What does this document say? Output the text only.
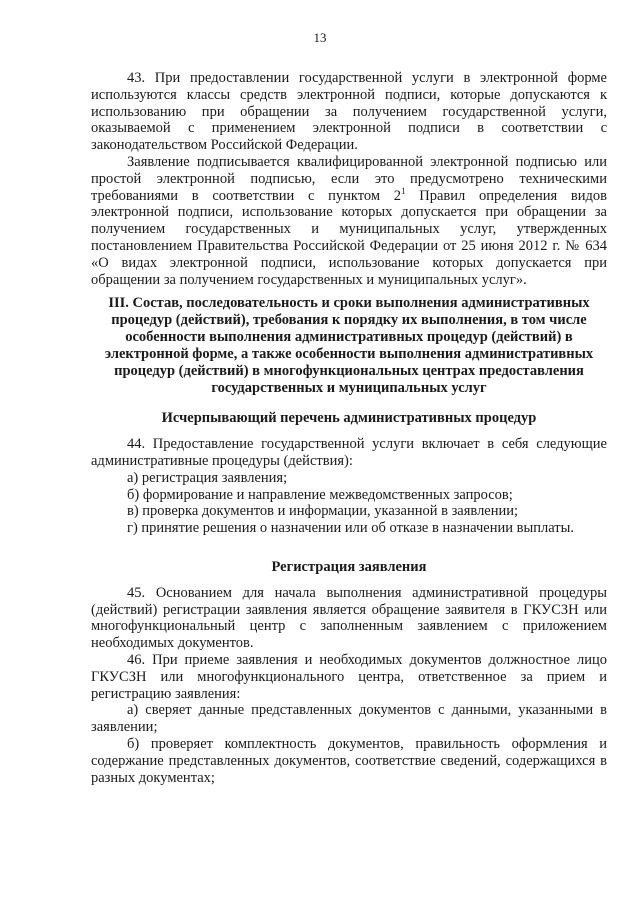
13

43. При предоставлении государственной услуги в электронной форме используются классы средств электронной подписи, которые допускаются к использованию при обращении за получением государственной услуги, оказываемой с применением электронной подписи в соответствии с законодательством Российской Федерации.

Заявление подписывается квалифицированной электронной подписью или простой электронной подписью, если это предусмотрено техническими требованиями в соответствии с пунктом $2^1$ Правил определения видов электронной подписи, использование которых допускается при обращении за получением государственных и муниципальных услуг, утвержденных постановлением Правительства Российской Федерации от 25 июня 2012 г. № 634 «О видах электронной подписи, использование которых допускается при обращении за получением государственных и муниципальных услуг».

III. Состав, последовательность и сроки выполнения административных процедур (действий), требования к порядку их выполнения, в том числе особенности выполнения административных процедур (действий) в электронной форме, а также особенности выполнения административных процедур (действий) в многофункциональных центрах предоставления государственных и муниципальных услуг

Исчерпывающий перечень административных процедур

44. Предоставление государственной услуги включает в себя следующие административные процедуры (действия):

а) регистрация заявления;

б) формирование и направление межведомственных запросов;

в) проверка документов и информации, указанной в заявлении;

г) принятие решения о назначении или об отказе в назначении выплаты.

Регистрация заявления

45. Основанием для начала выполнения административной процедуры (действий) регистрации заявления является обращение заявителя в ГКУСЗН или многофункциональный центр с заполненным заявлением с приложением необходимых документов.

46. При приеме заявления и необходимых документов должностное лицо ГКУСЗН или многофункционального центра, ответственное за прием и регистрацию заявления:

а) сверяет данные представленных документов с данными, указанными в заявлении;

б) проверяет комплектность документов, правильность оформления и содержание представленных документов, соответствие сведений, содержащихся в разных документах;
